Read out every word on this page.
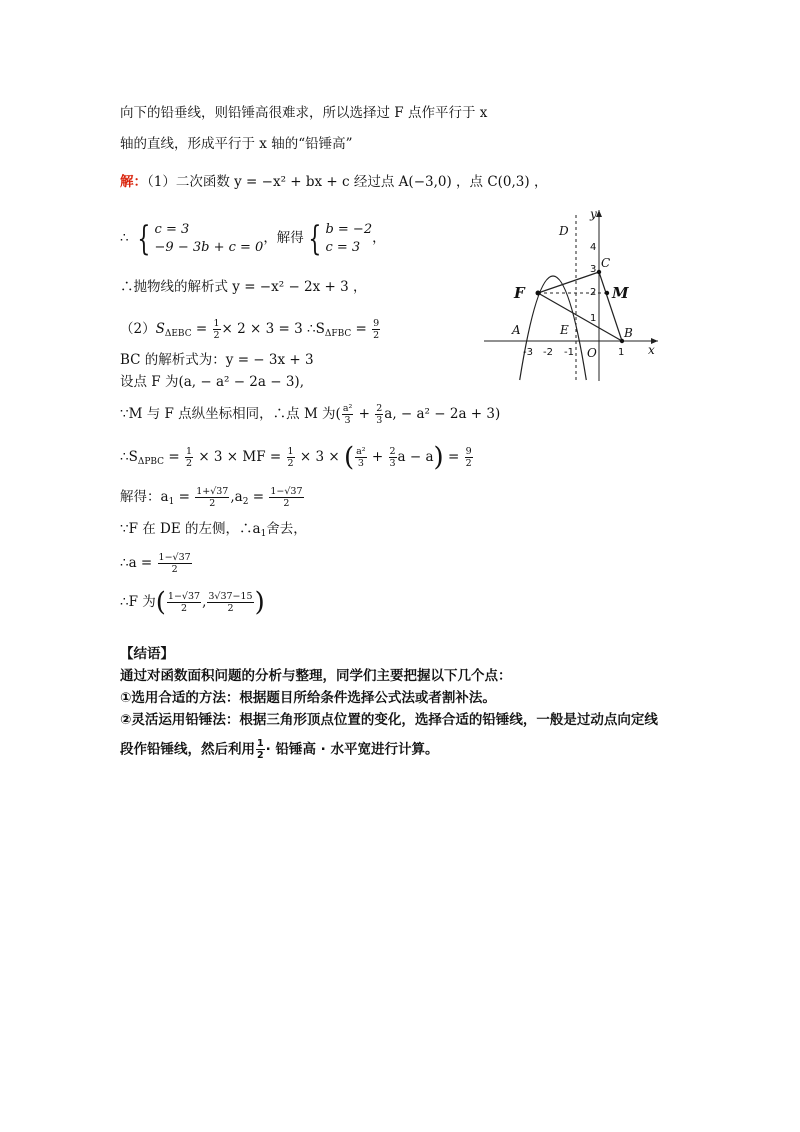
向下的铅垂线，则铅锤高很难求，所以选择过 F 点作平行于 x
轴的直线，形成平行于 x 轴的“铅锤高”
解：（1）二次函数 y = −x² + bx + c 经过点 A(−3,0) ，点 C(0,3) ，
∴ { c = 3
−9 − 3b + c = 0
，解得 { b = −2
c = 3
，
∴抛物线的解析式 y = −x² − 2x + 3 ，
$(2)S_{\Delta EBC} = \frac{1}{2} \times 2 \times 3 = 3$ $\therefore S_{\Delta FBC} = \frac{9}{2}$
BC 的解析式为：y = − 3x + 3
设点 F 为(a, − a² − 2a − 3),
∵M 与 F 点纵坐标相同，∴点 M 为( $\frac{\text{a²}}{3} + \frac{2}{3} a$, − a² − 2a + 3)
$\therefore S_{\Delta PBC} = \frac{1}{2} \times 3$ × MF = $\frac{1}{2} \times 3$ × ( $\frac{\text{a²}}{3} + \frac{2}{3}$ $a - a) = \frac{9}{2}$
解得：$a_1 = \frac{1+√37}{2} ,a_2 = \frac{1-√37}{2}$
∵F 在 DE 的左侧，$\therefore a_1$舍去，
∴a = $\frac{1-√37}{2}$
∴F 为( $\frac{1-√37}{2}$ , $\frac{3√37-15}{2}$ )
【结语】
通过对函数面积问题的分析与整理，同学们主要把握以下几个点：
①选用合适的方法：根据题目所给条件选择公式法或者割补法。
②灵活运用铅锤法：根据三角形顶点位置的变化，选择合适的铅锤线，一般是过动点向定线
段作铅锤线，然后利用 $\frac{1}{2}$ · 铅锤高 · 水平宽进行计算。
x
y
D
C
A	E
O
B
F	M
4
3
2
1
-3 -2 -1	1
